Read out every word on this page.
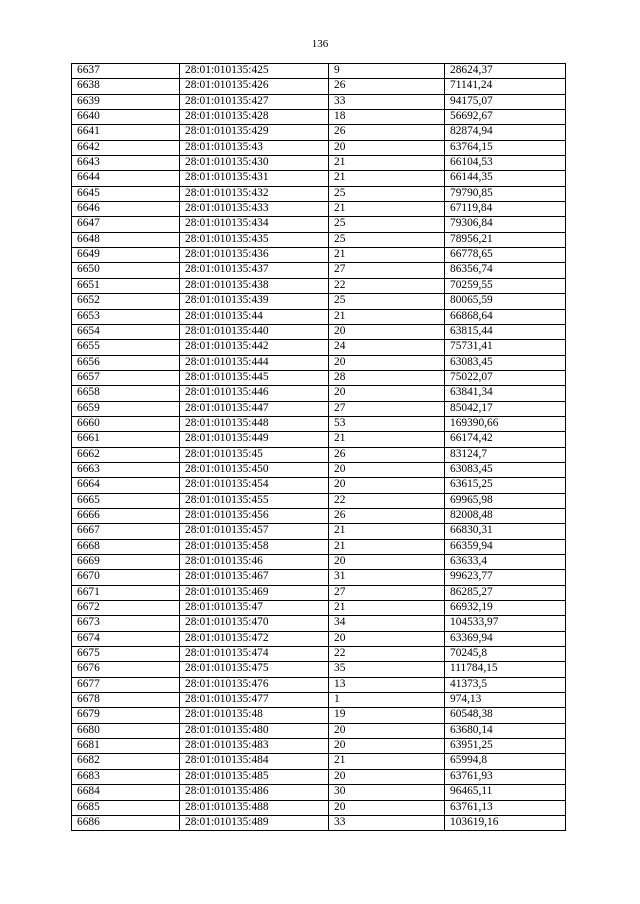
136
6637	28:01:010135:425	9	28624,37
6638	28:01:010135:426	26	71141,24
6639	28:01:010135:427	33	94175,07
6640	28:01:010135:428	18	56692,67
6641	28:01:010135:429	26	82874,94
6642	28:01:010135:43	20	63764,15
6643	28:01:010135:430	21	66104,53
6644	28:01:010135:431	21	66144,35
6645	28:01:010135:432	25	79790,85
6646	28:01:010135:433	21	67119,84
6647	28:01:010135:434	25	79306,84
6648	28:01:010135:435	25	78956,21
6649	28:01:010135:436	21	66778,65
6650	28:01:010135:437	27	86356,74
6651	28:01:010135:438	22	70259,55
6652	28:01:010135:439	25	80065,59
6653	28:01:010135:44	21	66868,64
6654	28:01:010135:440	20	63815,44
6655	28:01:010135:442	24	75731,41
6656	28:01:010135:444	20	63083,45
6657	28:01:010135:445	28	75022,07
6658	28:01:010135:446	20	63841,34
6659	28:01:010135:447	27	85042,17
6660	28:01:010135:448	53	169390,66
6661	28:01:010135:449	21	66174,42
6662	28:01:010135:45	26	83124,7
6663	28:01:010135:450	20	63083,45
6664	28:01:010135:454	20	63615,25
6665	28:01:010135:455	22	69965,98
6666	28:01:010135:456	26	82008,48
6667	28:01:010135:457	21	66830,31
6668	28:01:010135:458	21	66359,94
6669	28:01:010135:46	20	63633,4
6670	28:01:010135:467	31	99623,77
6671	28:01:010135:469	27	86285,27
6672	28:01:010135:47	21	66932,19
6673	28:01:010135:470	34	104533,97
6674	28:01:010135:472	20	63369,94
6675	28:01:010135:474	22	70245,8
6676	28:01:010135:475	35	111784,15
6677	28:01:010135:476	13	41373,5
6678	28:01:010135:477	1	974,13
6679	28:01:010135:48	19	60548,38
6680	28:01:010135:480	20	63680,14
6681	28:01:010135:483	20	63951,25
6682	28:01:010135:484	21	65994,8
6683	28:01:010135:485	20	63761,93
6684	28:01:010135:486	30	96465,11
6685	28:01:010135:488	20	63761,13
6686	28:01:010135:489	33	103619,16
